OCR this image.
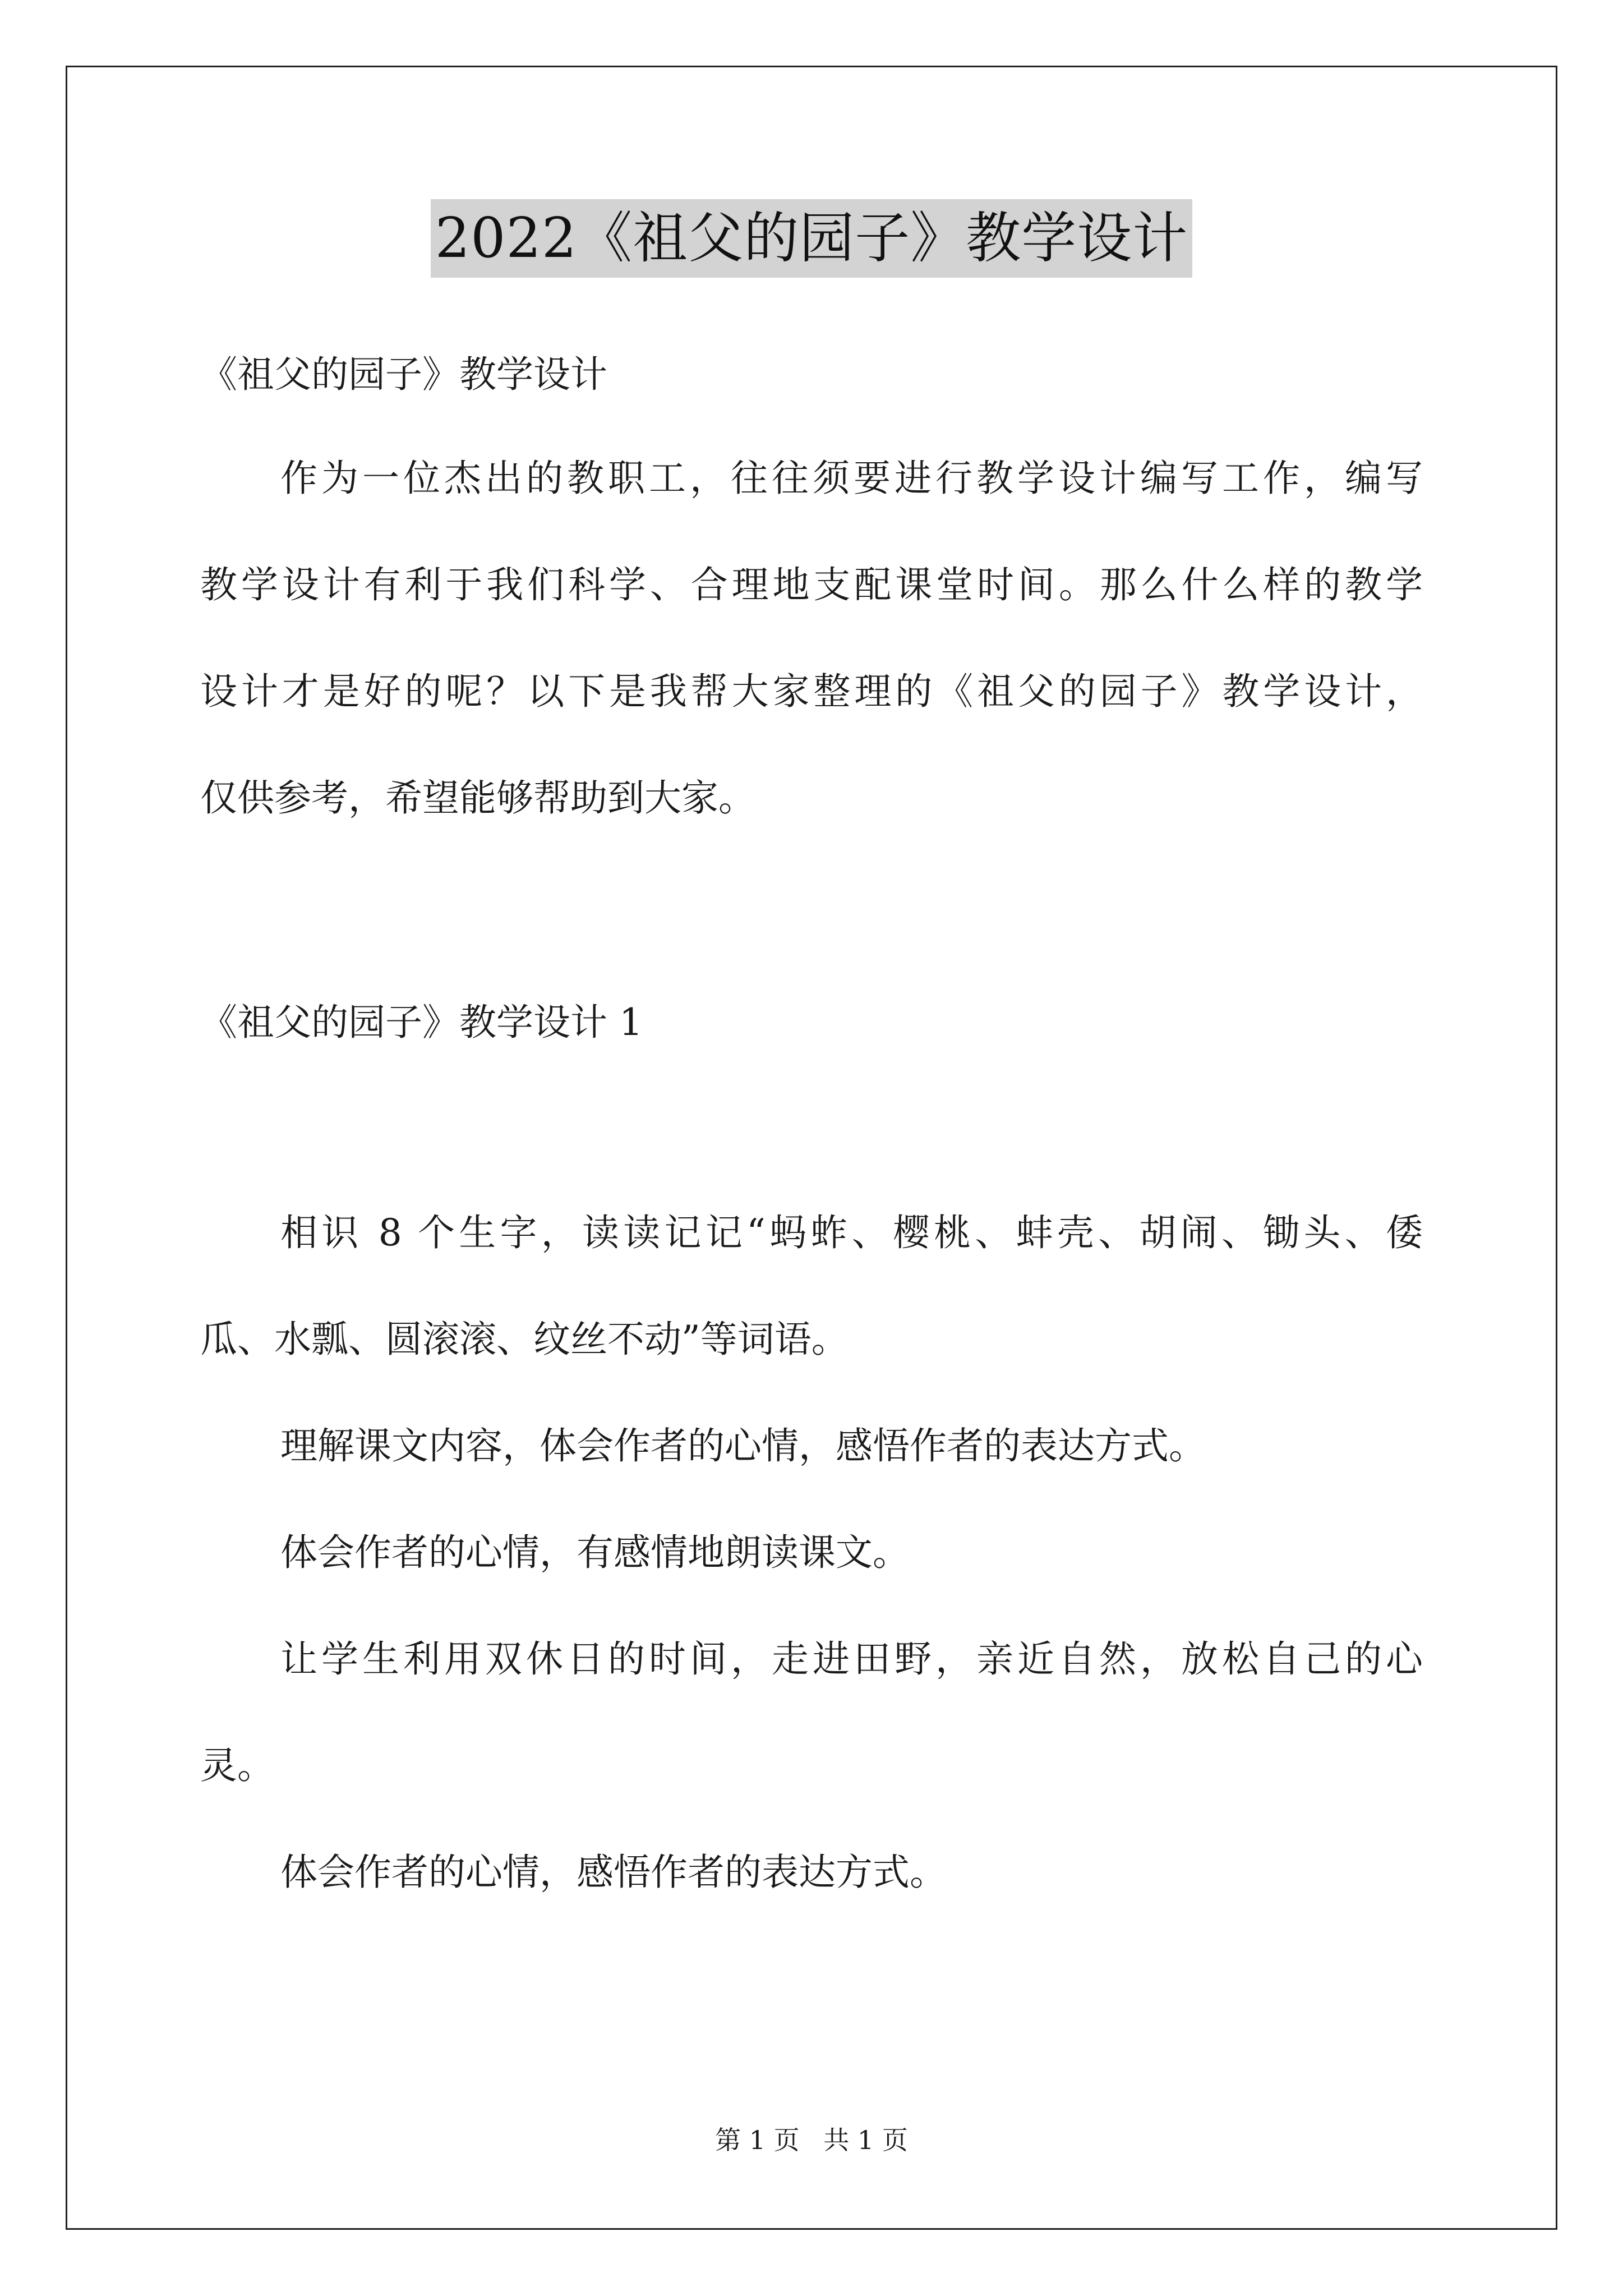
2022《祖父的园子》教学设计
《祖父的园子》教学设计
作为一位杰出的教职工，往往须要进行教学设计编写工作，编写
教学设计有利于我们科学、合理地支配课堂时间。那么什么样的教学
设计才是好的呢？以下是我帮大家整理的《祖父的园子》教学设计，
仅供参考，希望能够帮助到大家。
《祖父的园子》教学设计 1
相识 8 个生字，读读记记“蚂蚱、樱桃、蚌壳、胡闹、锄头、倭
瓜、水瓢、圆滚滚、纹丝不动”等词语。
理解课文内容，体会作者的心情，感悟作者的表达方式。
体会作者的心情，有感情地朗读课文。
让学生利用双休日的时间，走进田野，亲近自然，放松自己的心
灵。
体会作者的心情，感悟作者的表达方式。
第 1 页 共 1 页
